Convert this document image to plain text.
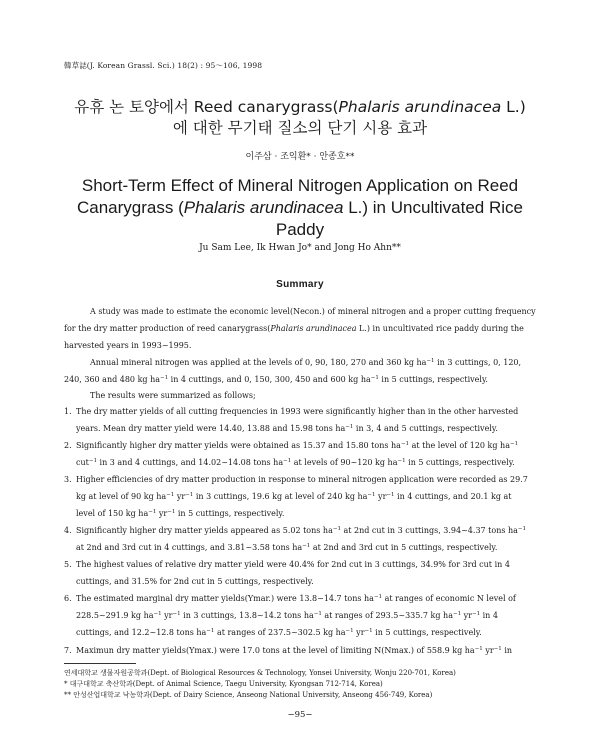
韓草誌(J. Korean Grassl. Sci.) 18(2) : 95～106, 1998
유휴 논 토양에서 Reed canarygrass(Phalaris arundinacea L.)
에 대한 무기태 질소의 단기 시용 효과
이주삼 · 조익환* · 안종호**
Short-Term Effect of Mineral Nitrogen Application on Reed
Canarygrass (Phalaris arundinacea L.) in Uncultivated Rice
Paddy
Ju Sam Lee, Ik Hwan Jo* and Jong Ho Ahn**
Summary
A study was made to estimate the economic level(Necon.) of mineral nitrogen and a proper cutting frequency
for the dry matter production of reed canarygrass(Phalaris arundinacea L.) in uncultivated rice paddy during the
harvested years in 1993~1995.
Annual mineral nitrogen was applied at the levels of 0, 90, 180, 270 and 360 kg $ha^{-1}$ in 3 cuttings, 0, 120,
240, 360 and 480 kg $ha^{-1}$ in 4 cuttings, and 0, 150, 300, 450 and 600 kg $ha^{-1}$ in 5 cuttings, respectively.
The results were summarized as follows;
1. The dry matter yields of all cutting frequencies in 1993 were significantly higher than in the other harvested
years. Mean dry matter yield were 14.40, 13.88 and 15.98 tons $ha^{-1}$ in 3, 4 and 5 cuttings, respectively.
2. Significantly higher dry matter yields were obtained as 15.37 and 15.80 tons $ha^{-1}$ at the level of 120 kg $ha^{-1}$
cut$^{-1}$ in 3 and 4 cuttings, and 14.02~14.08 tons $ha^{-1}$ at levels of 90~120 kg $ha^{-1}$ in 5 cuttings, respectively.
3. Higher efficiencies of dry matter production in response to mineral nitrogen application were recorded as 29.7
kg at level of 90 kg $ha^{-1}$ $yr^{-1}$ in 3 cuttings, 19.6 kg at level of 240 kg $ha^{-1}$ $yr^{-1}$ in 4 cuttings, and 20.1 kg at
level of 150 kg $ha^{-1}$ $yr^{-1}$ in 5 cuttings, respectively.
4. Significantly higher dry matter yields appeared as 5.02 tons $ha^{-1}$ at 2nd cut in 3 cuttings, 3.94~4.37 tons $ha^{-1}$
at 2nd and 3rd cut in 4 cuttings, and 3.81~3.58 tons $ha^{-1}$ at 2nd and 3rd cut in 5 cuttings, respectively.
5. The highest values of relative dry matter yield were 40.4% for 2nd cut in 3 cuttings, 34.9% for 3rd cut in 4
cuttings, and 31.5% for 2nd cut in 5 cuttings, respectively.
6. The estimated marginal dry matter yields(Ymar.) were 13.8~14.7 tons $ha^{-1}$ at ranges of economic N level of
228.5~291.9 kg $ha^{-1}$ $yr^{-1}$ in 3 cuttings, 13.8~14.2 tons $ha^{-1}$ at ranges of 293.5~335.7 kg $ha^{-1}$ $yr^{-1}$ in 4
cuttings, and 12.2~12.8 tons $ha^{-1}$ at ranges of 237.5~302.5 kg $ha^{-1}$ $yr^{-1}$ in 5 cuttings, respectively.
7. Maximun dry matter yields(Ymax.) were 17.0 tons at the level of limiting N(Nmax.) of 558.9 kg $ha^{-1}$ $yr^{-1}$ in
연세대학교 생물자원공학과(Dept. of Biological Resources & Technology, Yonsei University, Wonju 220-701, Korea)
* 대구대학교 축산학과(Dept. of Animal Science, Taegu University, Kyongsan 712-714, Korea)
** 안성산업대학교 낙농학과(Dept. of Dairy Science, Anseong National University, Anseong 456-749, Korea)
−95−
